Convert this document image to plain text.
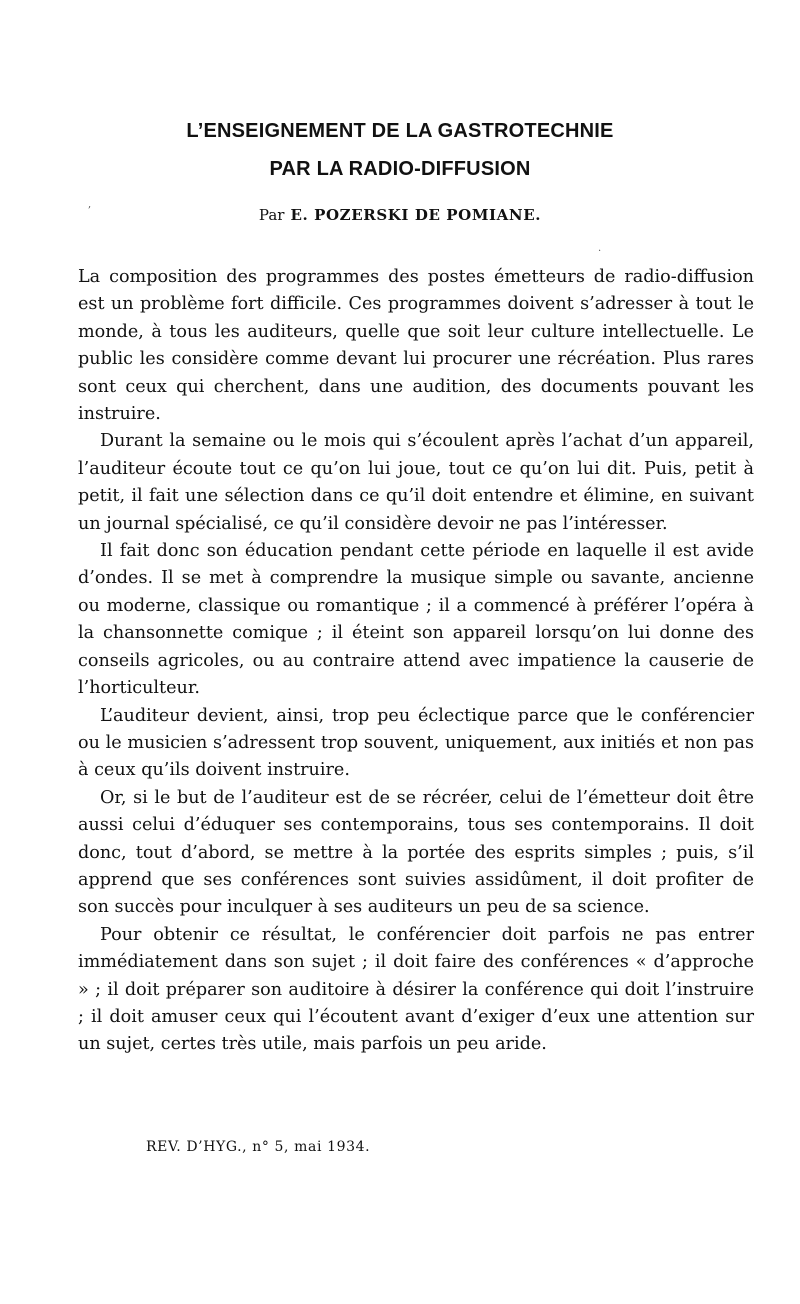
,
.
L’ENSEIGNEMENT DE LA GASTROTECHNIE
PAR LA RADIO-DIFFUSION
Par E. POZERSKI DE POMIANE.

La composition des programmes des postes émetteurs de radio-diffusion est un problème fort difficile. Ces programmes doivent s’adresser à tout le monde, à tous les auditeurs, quelle que soit leur culture intellectuelle. Le public les considère comme devant lui procurer une récréation. Plus rares sont ceux qui cherchent, dans une audition, des documents pouvant les instruire.

Durant la semaine ou le mois qui s’écoulent après l’achat d’un appareil, l’auditeur écoute tout ce qu’on lui joue, tout ce qu’on lui dit. Puis, petit à petit, il fait une sélection dans ce qu’il doit entendre et élimine, en suivant un journal spécialisé, ce qu’il considère devoir ne pas l’intéresser.

Il fait donc son éducation pendant cette période en laquelle il est avide d’ondes. Il se met à comprendre la musique simple ou savante, ancienne ou moderne, classique ou romantique ; il a commencé à préférer l’opéra à la chansonnette comique ; il éteint son appareil lorsqu’on lui donne des conseils agricoles, ou au contraire attend avec impatience la causerie de l’horticulteur.

L’auditeur devient, ainsi, trop peu éclectique parce que le conférencier ou le musicien s’adressent trop souvent, uniquement, aux initiés et non pas à ceux qu’ils doivent instruire.

Or, si le but de l’auditeur est de se récréer, celui de l’émetteur doit être aussi celui d’éduquer ses contemporains, tous ses contemporains. Il doit donc, tout d’abord, se mettre à la portée des esprits simples ; puis, s’il apprend que ses conférences sont suivies assidûment, il doit profiter de son succès pour inculquer à ses auditeurs un peu de sa science.

Pour obtenir ce résultat, le conférencier doit parfois ne pas entrer immédiatement dans son sujet ; il doit faire des conférences « d’approche » ; il doit préparer son auditoire à désirer la conférence qui doit l’instruire ; il doit amuser ceux qui l’écoutent avant d’exiger d’eux une attention sur un sujet, certes très utile, mais parfois un peu aride.

REV. D’HYG., n° 5, mai 1934.
